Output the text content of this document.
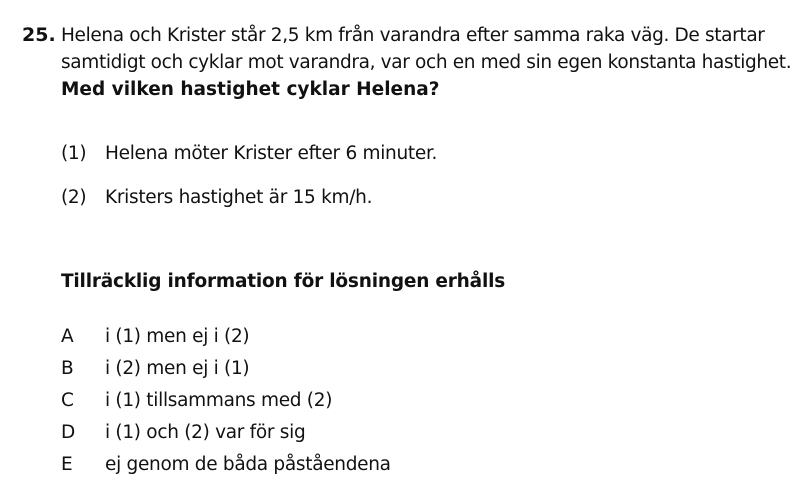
25. Helena och Krister står 2,5 km från varandra efter samma raka väg. De startar

samtidigt och cyklar mot varandra, var och en med sin egen konstanta hastighet.

Med vilken hastighet cyklar Helena?

(1) Helena möter Krister efter 6 minuter.
(2) Kristers hastighet är 15 km/h.
Tillräcklig information för lösningen erhålls
A i (1) men ej i (2)
B i (2) men ej i (1)
C i (1) tillsammans med (2)
D i (1) och (2) var för sig
E ej genom de båda påståendena
